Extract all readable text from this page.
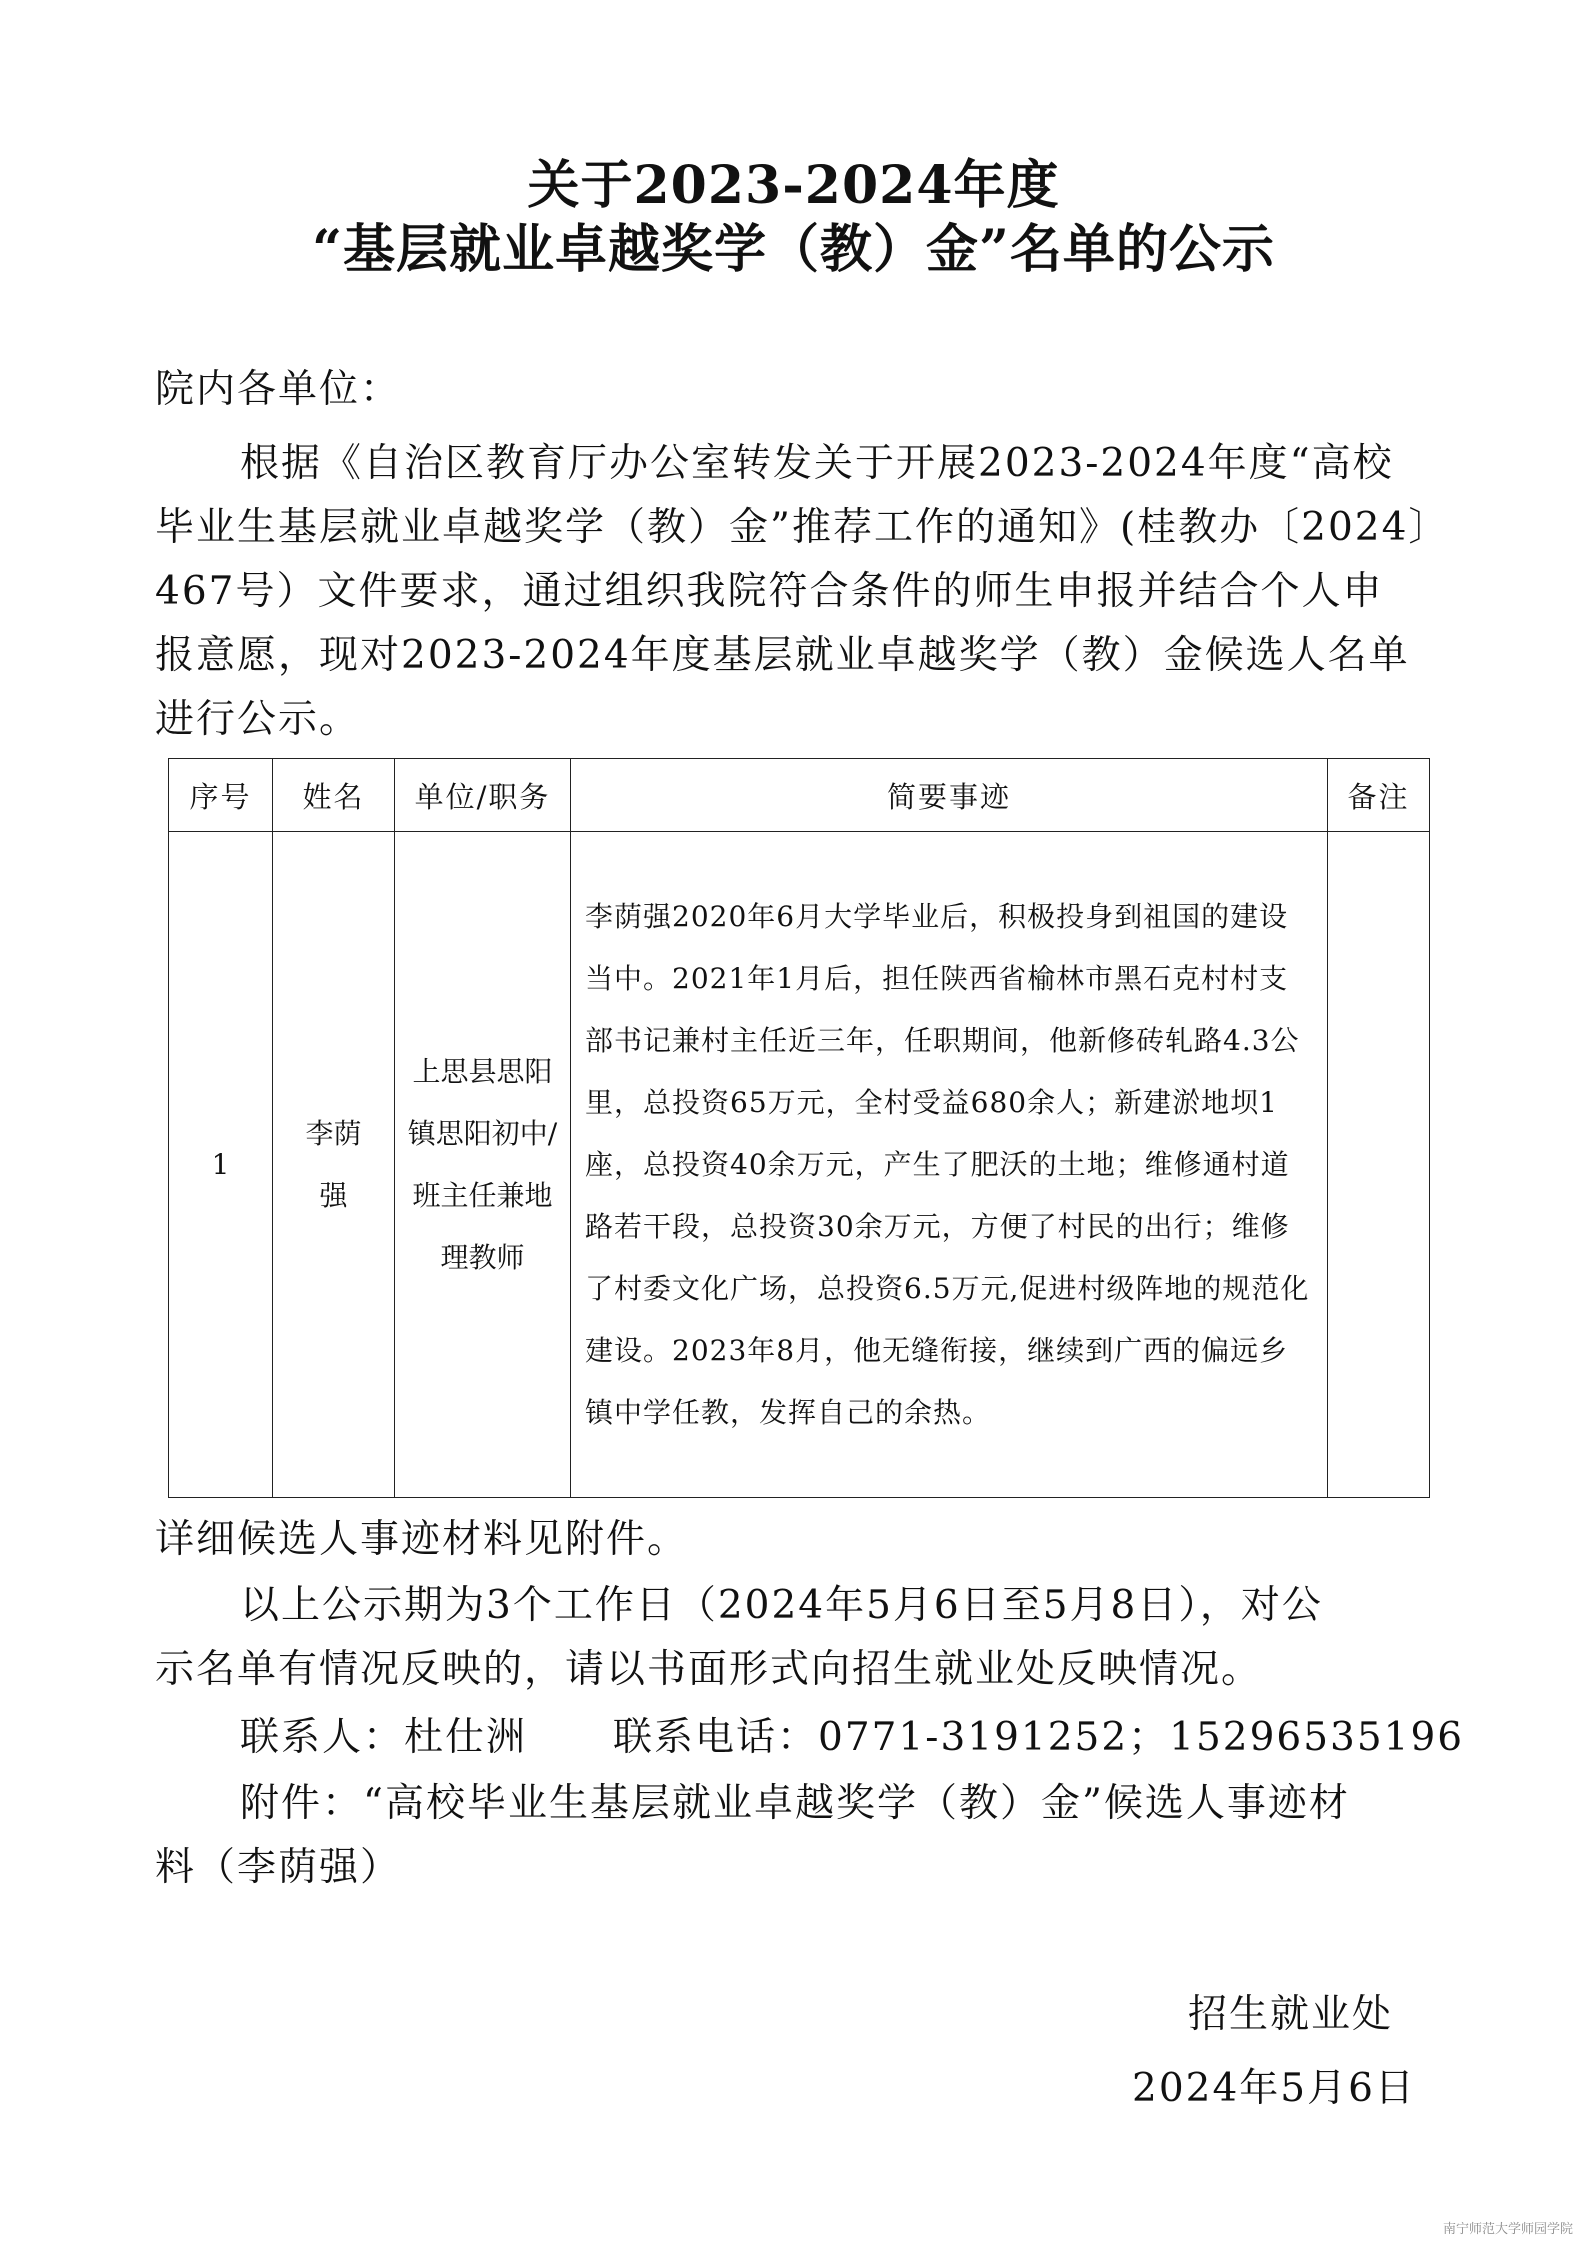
关于2023-2024年度
“基层就业卓越奖学（教）金”名单的公示
院内各单位：
根据《自治区教育厅办公室转发关于开展2023-2024年度“高校
毕业生基层就业卓越奖学（教）金”推荐工作的通知》(桂教办〔2024〕
467号）文件要求，通过组织我院符合条件的师生申报并结合个人申
报意愿，现对2023-2024年度基层就业卓越奖学（教）金候选人名单
进行公示。
序号	姓名	单位/职务	简要事迹	备注
1	李荫强	上思县思阳镇思阳初中/班主任兼地理教师	李荫强2020年6月大学毕业后，积极投身到祖国的建设当中。2021年1月后，担任陕西省榆林市黑石克村村支部书记兼村主任近三年，任职期间，他新修砖轧路4.3公里，总投资65万元，全村受益680余人；新建淤地坝1座，总投资40余万元，产生了肥沃的土地；维修通村道路若干段，总投资30余万元，方便了村民的出行；维修了村委文化广场，总投资6.5万元,促进村级阵地的规范化建设。2023年8月，他无缝衔接，继续到广西的偏远乡镇中学任教，发挥自己的余热。	
详细候选人事迹材料见附件。
以上公示期为3个工作日（2024年5月6日至5月8日），对公
示名单有情况反映的，请以书面形式向招生就业处反映情况。
联系人：杜仕洲 联系电话：0771-3191252；15296535196
附件：“高校毕业生基层就业卓越奖学（教）金”候选人事迹材
料（李荫强）
招生就业处
2024年5月6日
南宁师范大学师园学院
